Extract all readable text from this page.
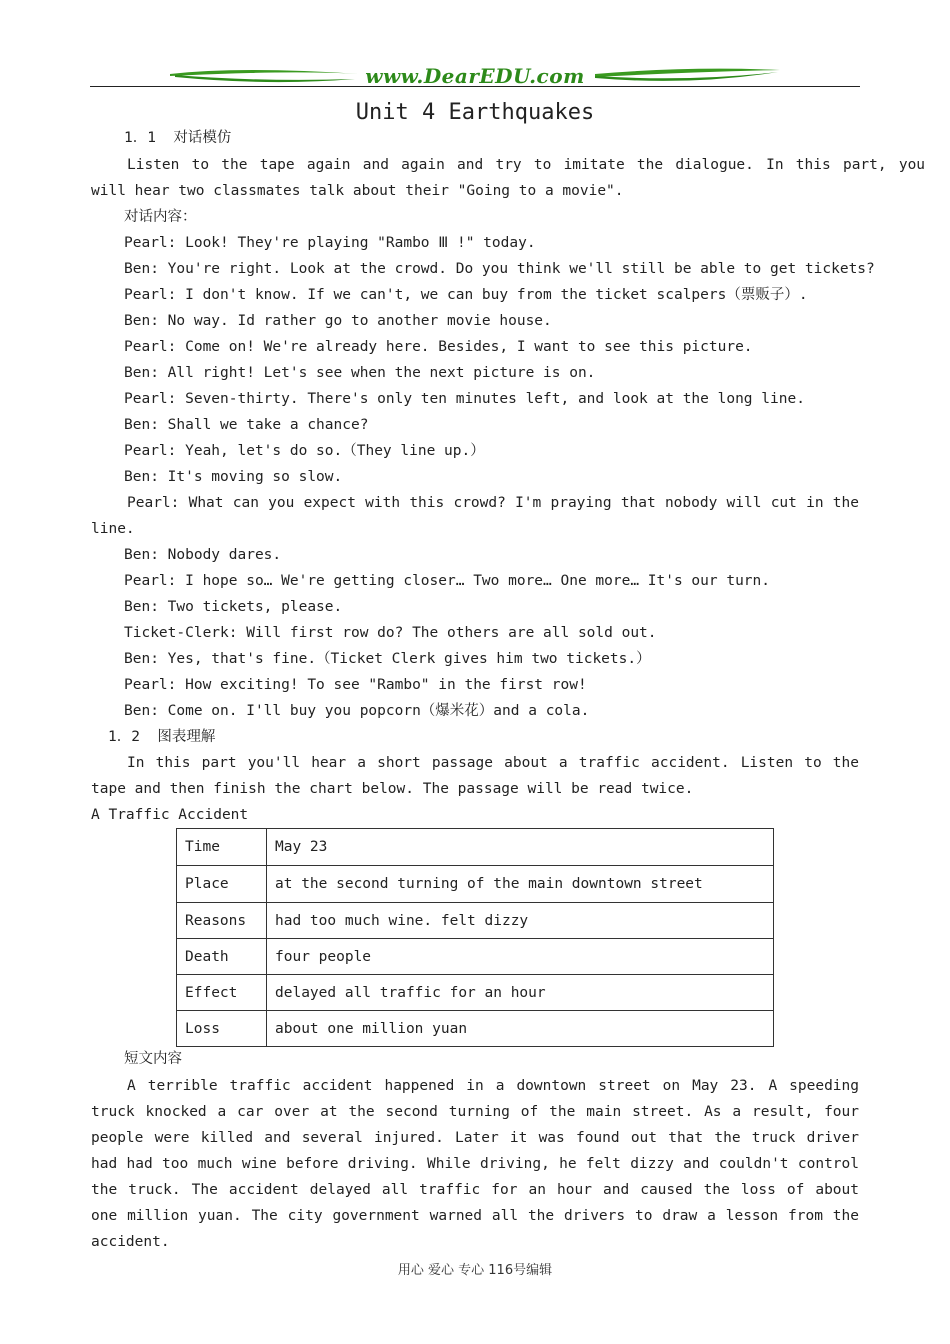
www.DearEDU.com
Unit 4 Earthquakes
1．1  对话模仿
Listen to the tape again and again and try to imitate the dialogue. In this part, you
will hear two classmates talk about their "Going to a movie".
对话内容：
Pearl: Look! They're playing "Rambo Ⅲ !" today.
Ben: You're right. Look at the crowd. Do you think we'll still be able to get tickets?
Pearl: I don't know. If we can't, we can buy from the ticket scalpers（票贩子）.
Ben: No way. Id rather go to another movie house.
Pearl: Come on! We're already here. Besides, I want to see this picture.
Ben: All right! Let's see when the next picture is on.
Pearl: Seven-thirty. There's only ten minutes left, and look at the long line.
Ben: Shall we take a chance?
Pearl: Yeah, let's do so.（They line up.）
Ben: It's moving so slow.
Pearl: What can you expect with this crowd? I'm praying that nobody will cut in the line.
Ben: Nobody dares.
Pearl: I hope so… We're getting closer… Two more… One more… It's our turn.
Ben: Two tickets, please.
Ticket-Clerk: Will first row do? The others are all sold out.
Ben: Yes, that's fine.（Ticket Clerk gives him two tickets.）
Pearl: How exciting! To see "Rambo" in the first row!
Ben: Come on. I'll buy you popcorn（爆米花）and a cola.
1．2  图表理解
In this part you'll hear a short passage about a traffic accident. Listen to the tape and then finish the chart below. The passage will be read twice.
A Traffic Accident
Time	May 23
Place	at the second turning of the main downtown street
Reasons	had too much wine. felt dizzy
Death	four people
Effect	delayed all traffic for an hour
Loss	about one million yuan
短文内容
A terrible traffic accident happened in a downtown street on May 23. A speeding truck knocked a car over at the second turning of the main street. As a result, four people were killed and several injured. Later it was found out that the truck driver had had too much wine before driving. While driving, he felt dizzy and couldn't control the truck. The accident delayed all traffic for an hour and caused the loss of about one million yuan. The city government warned all the drivers to draw a lesson from the accident.
用心 爱心 专心 116号编辑
